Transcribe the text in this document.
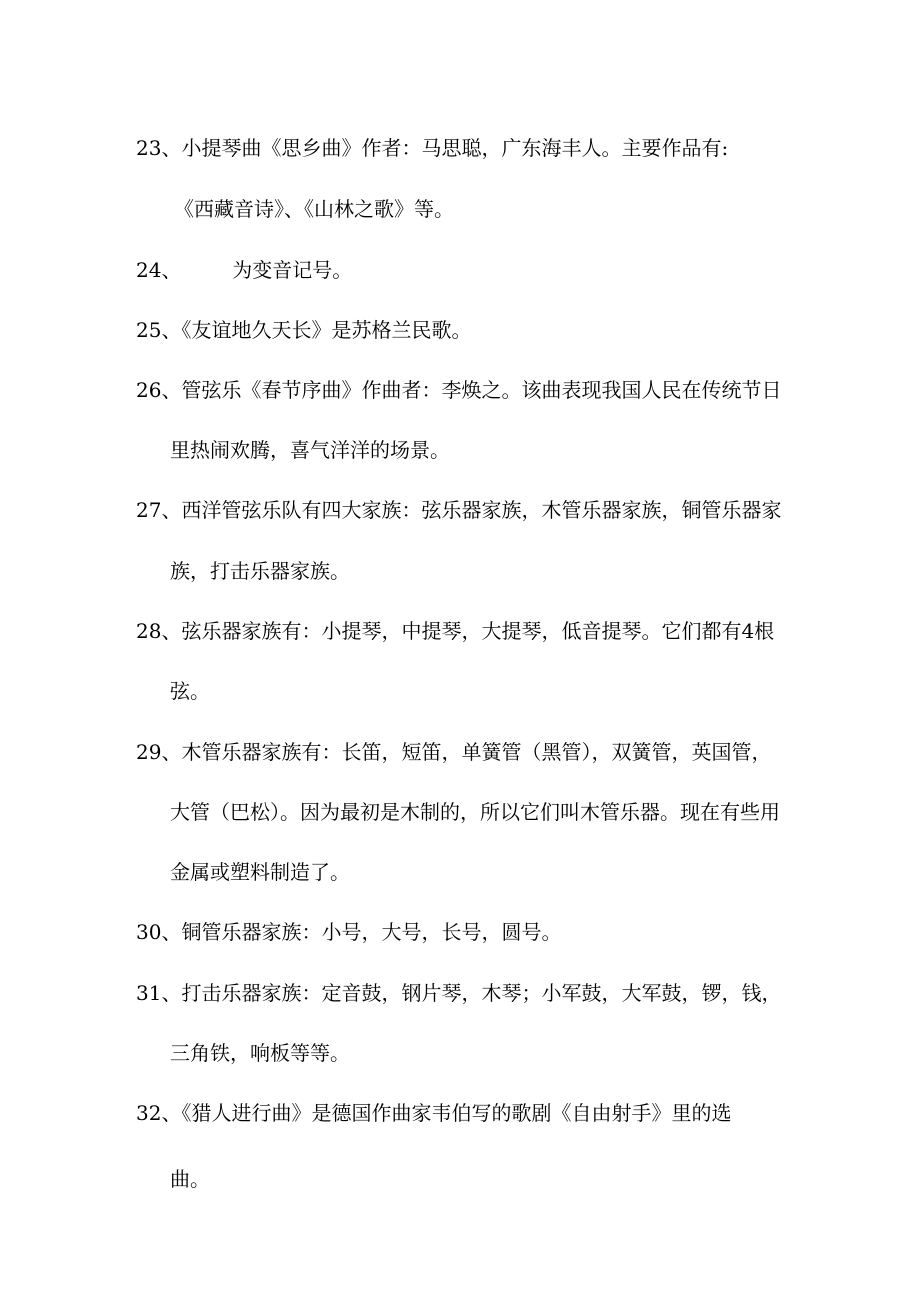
23、小提琴曲《思乡曲》作者：马思聪，广东海丰人。主要作品有:
《西藏音诗》、《山林之歌》等。
24、        为变音记号。
25、《友谊地久天长》是苏格兰民歌。
26、管弦乐《春节序曲》作曲者：李焕之。该曲表现我国人民在传统节日
里热闹欢腾，喜气洋洋的场景。
27、西洋管弦乐队有四大家族：弦乐器家族，木管乐器家族，铜管乐器家
族，打击乐器家族。
28、弦乐器家族有：小提琴，中提琴，大提琴，低音提琴。它们都有4根
弦。
29、木管乐器家族有：长笛，短笛，单簧管（黑管），双簧管，英国管，
大管（巴松）。因为最初是木制的，所以它们叫木管乐器。现在有些用
金属或塑料制造了。
30、铜管乐器家族：小号，大号，长号，圆号。
31、打击乐器家族：定音鼓，钢片琴，木琴；小军鼓，大军鼓，锣，钱，
三角铁，响板等等。
32、《猎人进行曲》是德国作曲家韦伯写的歌剧《自由射手》里的选
曲。
